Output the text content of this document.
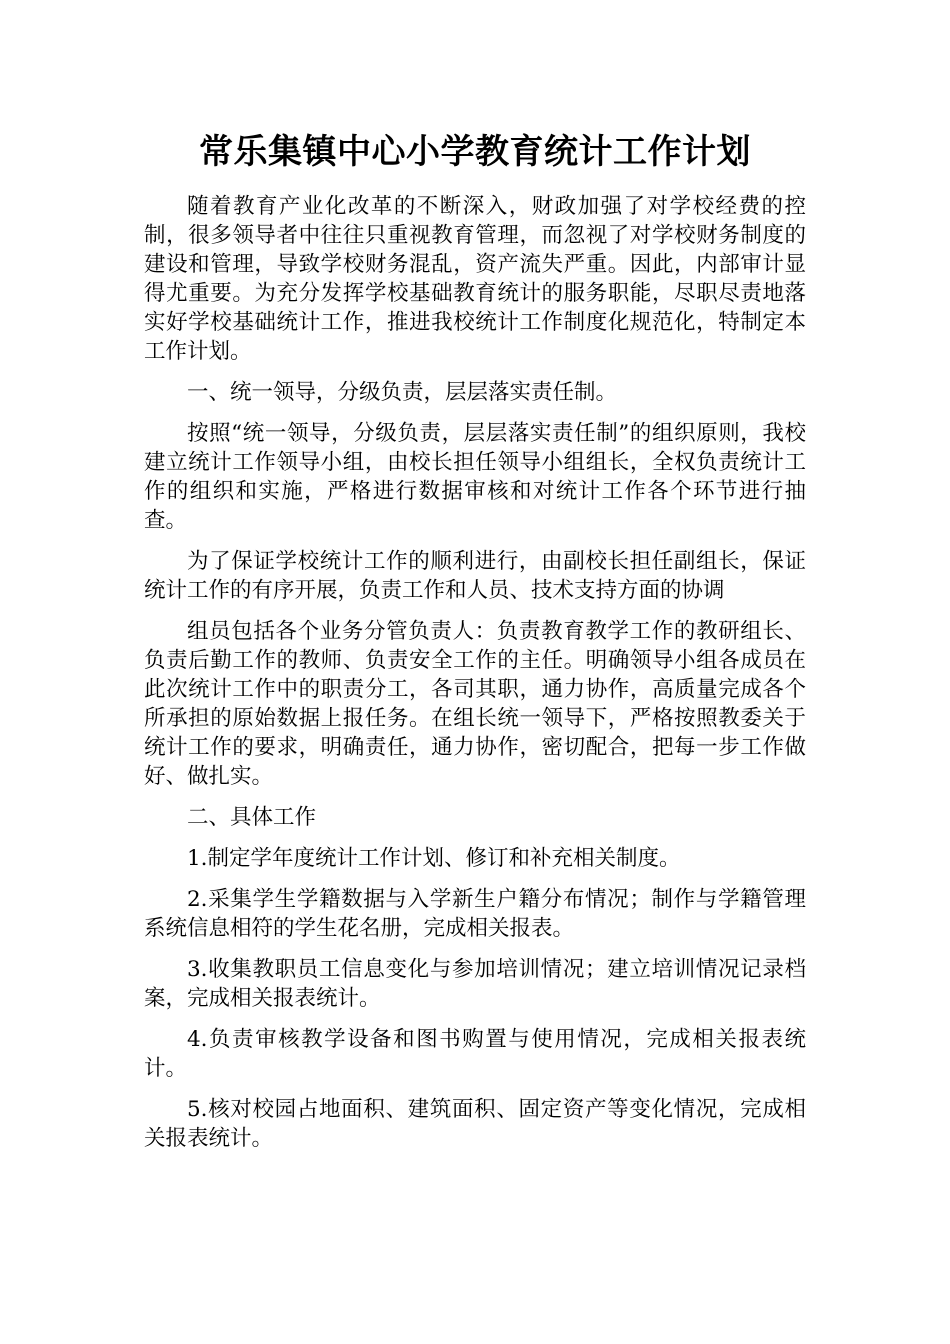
常乐集镇中心小学教育统计工作计划

随着教育产业化改革的不断深入，财政加强了对学校经费的控制，很多领导者中往往只重视教育管理，而忽视了对学校财务制度的建设和管理，导致学校财务混乱，资产流失严重。因此，内部审计显得尤重要。为充分发挥学校基础教育统计的服务职能，尽职尽责地落实好学校基础统计工作，推进我校统计工作制度化规范化，特制定本工作计划。

一、统一领导，分级负责，层层落实责任制。

按照“统一领导，分级负责，层层落实责任制”的组织原则，我校建立统计工作领导小组，由校长担任领导小组组长，全权负责统计工作的组织和实施，严格进行数据审核和对统计工作各个环节进行抽查。

为了保证学校统计工作的顺利进行，由副校长担任副组长，保证统计工作的有序开展，负责工作和人员、技术支持方面的协调

组员包括各个业务分管负责人：负责教育教学工作的教研组长、负责后勤工作的教师、负责安全工作的主任。明确领导小组各成员在此次统计工作中的职责分工，各司其职，通力协作，高质量完成各个所承担的原始数据上报任务。在组长统一领导下，严格按照教委关于统计工作的要求，明确责任，通力协作，密切配合，把每一步工作做好、做扎实。

二、具体工作

1.制定学年度统计工作计划、修订和补充相关制度。

2.采集学生学籍数据与入学新生户籍分布情况；制作与学籍管理系统信息相符的学生花名册，完成相关报表。

3.收集教职员工信息变化与参加培训情况；建立培训情况记录档案，完成相关报表统计。

4.负责审核教学设备和图书购置与使用情况，完成相关报表统计。

5.核对校园占地面积、建筑面积、固定资产等变化情况，完成相关报表统计。
